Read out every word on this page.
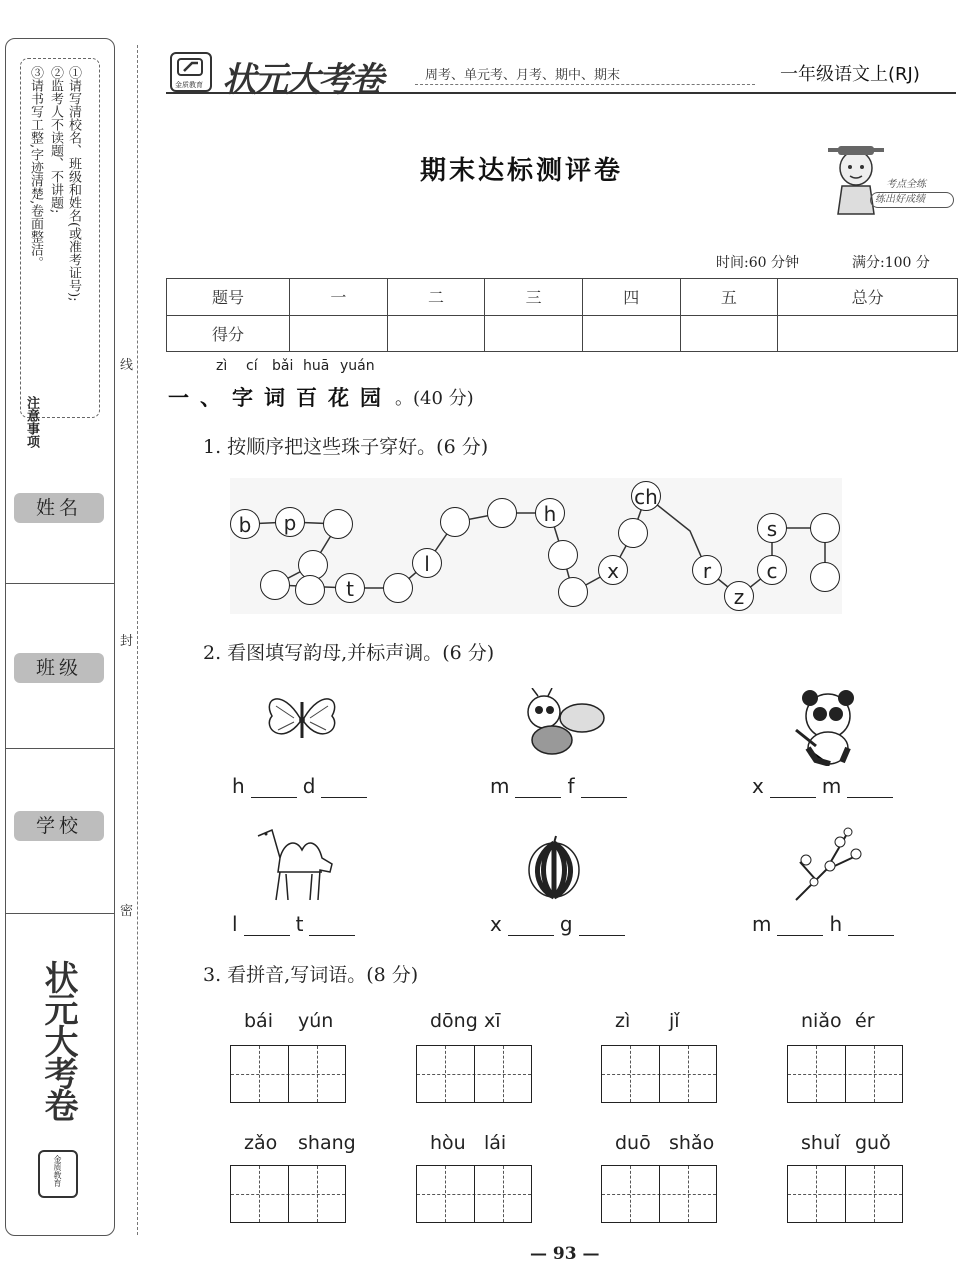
注意事项
①请写清校名、班级和姓名(或准考证号);
②监考人不读题、不讲题;
③请书写工整,字迹清楚,卷面整洁。
姓名
班级
学校
状元大考卷
金质教育
线
封
密
金质教育 状元大考卷	周考、单元考、月考、期中、期末	一年级语文上(RJ)
期末达标测评卷	考点全练
练出好成绩
时间:60 分钟	满分:100 分
题号	一	二	三	四	五	总分
得分						
zì cí bǎi huā yuán
一、字词百花园 。(40 分)
1. 按顺序把这些珠子穿好。(6 分)
b	p
t
l
h
x
ch
r
z
s
c
2. 看图填写韵母,并标声调。(6 分)
h	d	m	f	x	m
l	t	x	g	m	h
3. 看拼音,写词语。(8 分)
bái yún	dōng xī	zì jǐ	niǎo ér
zǎo shang	hòu lái	duō shǎo	shuǐ guǒ
— 93 —
